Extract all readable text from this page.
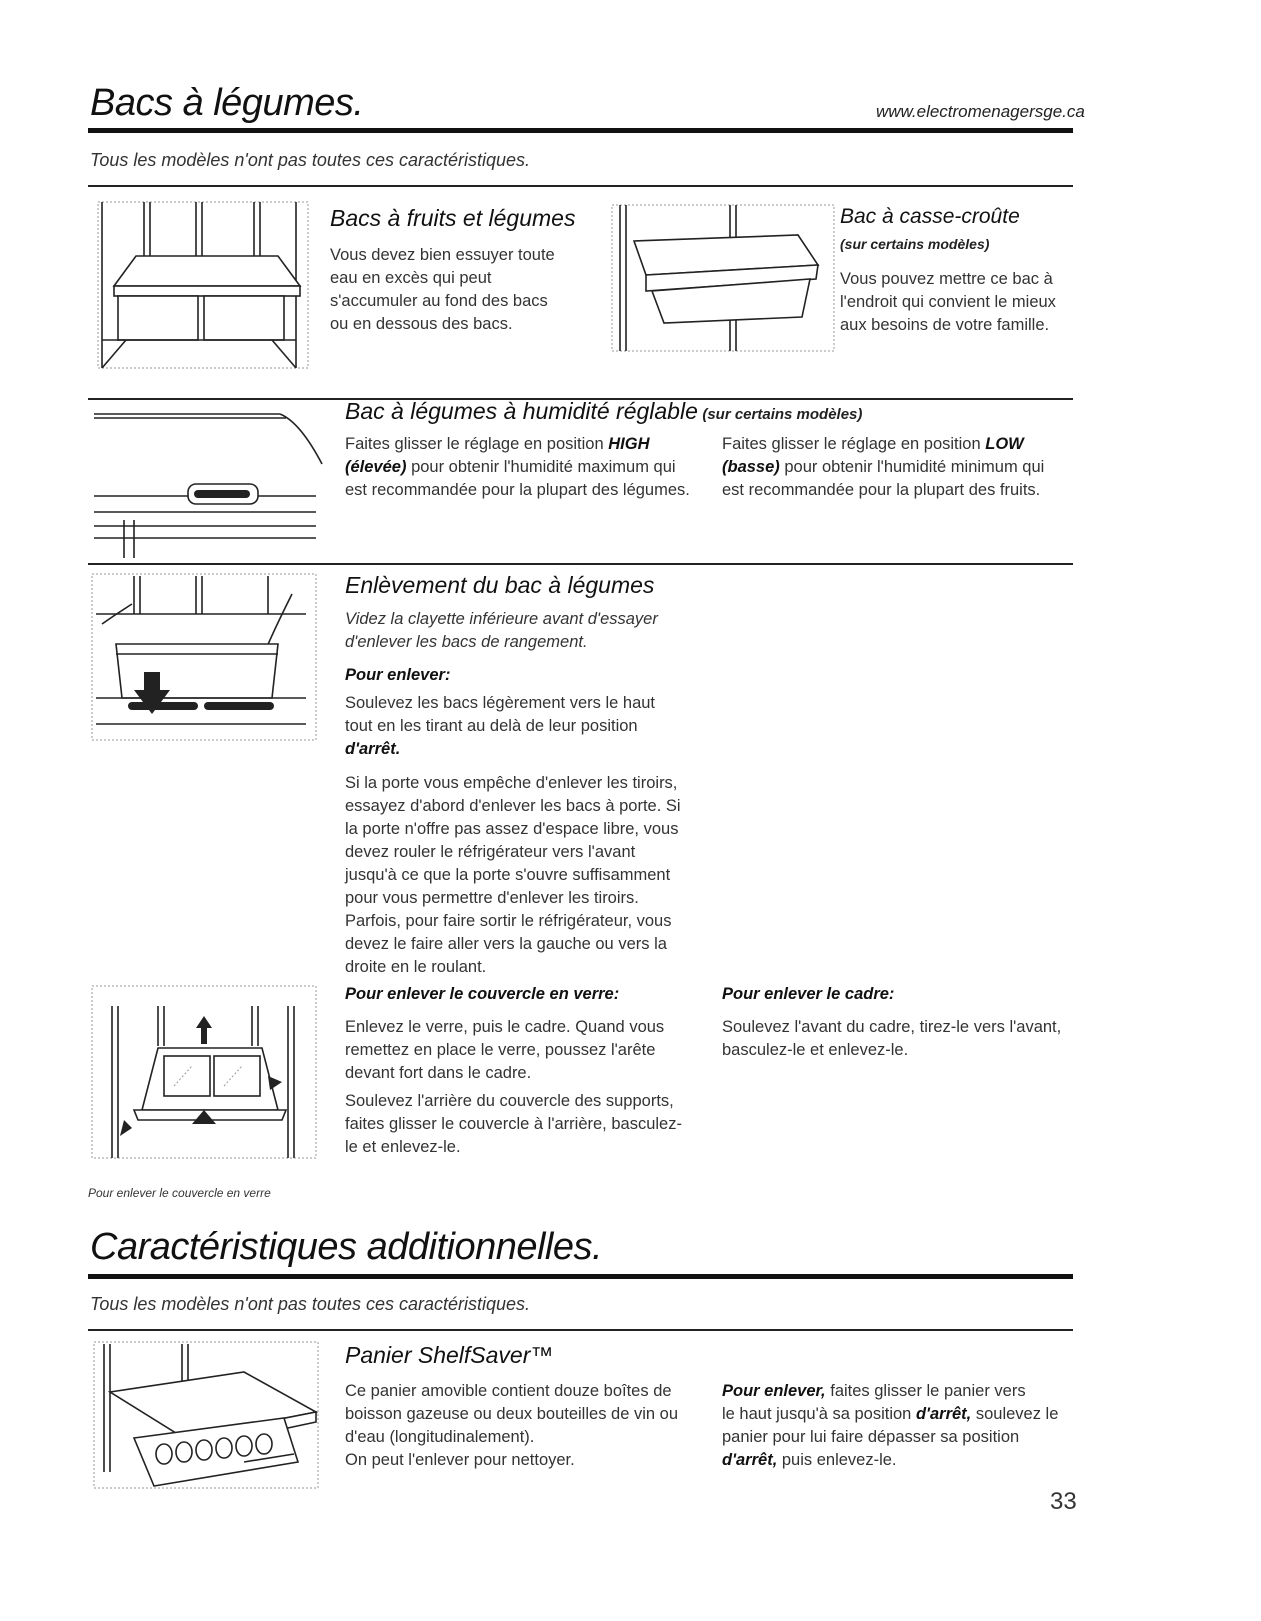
Bacs à légumes.	www.electromenagersge.ca
Tous les modèles n'ont pas toutes ces caractéristiques.
Bacs à fruits et légumes
Vous devez bien essuyer toute
eau en excès qui peut
s'accumuler au fond des bacs
ou en dessous des bacs.
Bac à casse-croûte
(sur certains modèles)
Vous pouvez mettre ce bac à
l'endroit qui convient le mieux
aux besoins de votre famille.
Bac à légumes à humidité réglable (sur certains modèles)
Faites glisser le réglage en position HIGH (élevée) pour obtenir l'humidité maximum qui est recommandée pour la plupart des légumes.
Faites glisser le réglage en position LOW (basse) pour obtenir l'humidité minimum qui est recommandée pour la plupart des fruits.
Enlèvement du bac à légumes
Videz la clayette inférieure avant d'essayer
d'enlever les bacs de rangement.
Pour enlever:
Soulevez les bacs légèrement vers le haut
tout en les tirant au delà de leur position
d'arrêt.
Si la porte vous empêche d'enlever les tiroirs,
essayez d'abord d'enlever les bacs à porte. Si
la porte n'offre pas assez d'espace libre, vous
devez rouler le réfrigérateur vers l'avant
jusqu'à ce que la porte s'ouvre suffisamment
pour vous permettre d'enlever les tiroirs.
Parfois, pour faire sortir le réfrigérateur, vous
devez le faire aller vers la gauche ou vers la
droite en le roulant.
Pour enlever le couvercle en verre
Pour enlever le couvercle en verre:
Enlevez le verre, puis le cadre. Quand vous
remettez en place le verre, poussez l'arête
devant fort dans le cadre.
Soulevez l'arrière du couvercle des supports,
faites glisser le couvercle à l'arrière, basculez-
le et enlevez-le.
Pour enlever le cadre:
Soulevez l'avant du cadre, tirez-le vers l'avant,
basculez-le et enlevez-le.
Caractéristiques additionnelles.
Tous les modèles n'ont pas toutes ces caractéristiques.
Panier ShelfSaver™
Ce panier amovible contient douze boîtes de
boisson gazeuse ou deux bouteilles de vin ou
d'eau (longitudinalement).
On peut l'enlever pour nettoyer.
Pour enlever, faites glisser le panier vers
le haut jusqu'à sa position d'arrêt, soulevez le
panier pour lui faire dépasser sa position
d'arrêt, puis enlevez-le.
33
